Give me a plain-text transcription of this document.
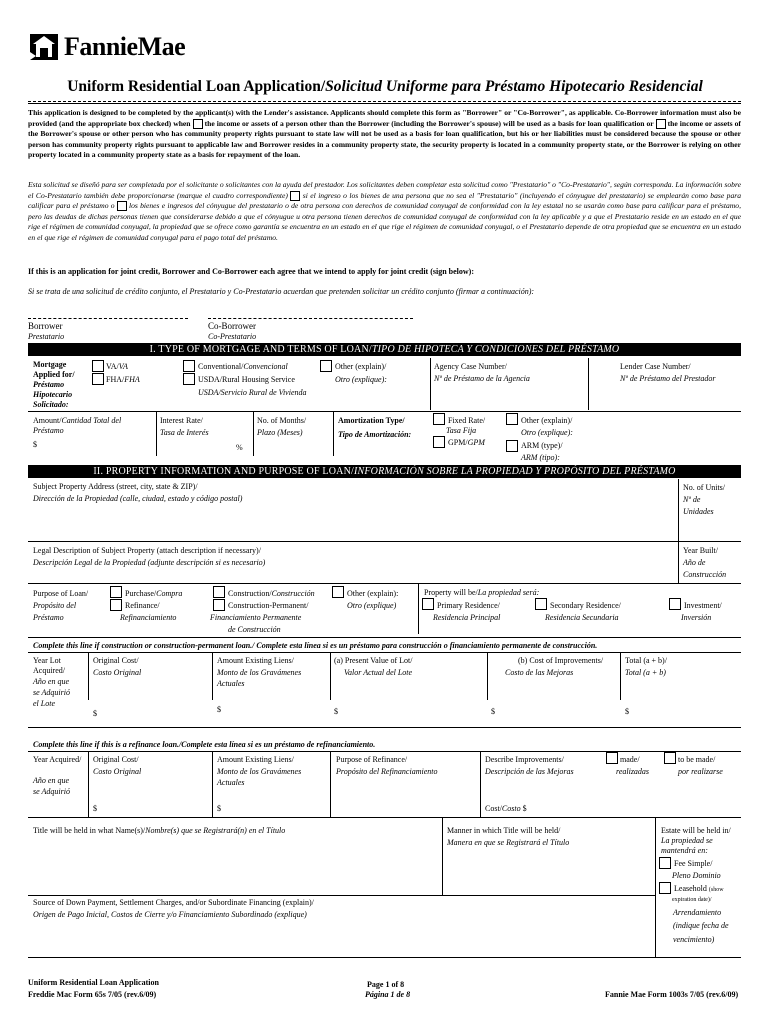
FannieMae
Uniform Residential Loan Application/Solicitud Uniforme para Préstamo Hipotecario Residencial
This application is designed to be completed by the applicant(s) with the Lender's assistance. Applicants should complete this form as "Borrower" or "Co-Borrower", as applicable. Co-Borrower information must also be provided (and the appropriate box checked) when the income or assets of a person other than the Borrower (including the Borrower's spouse) will be used as a basis for loan qualification or the income or assets of the Borrower's spouse or other person who has community property rights pursuant to state law will not be used as a basis for loan qualification, but his or her liabilities must be considered because the spouse or other person has community property rights pursuant to applicable law and Borrower resides in a community property state, the security property is located in a community property state, or the Borrower is relying on other property located in a community property state as a basis for repayment of the loan.
Esta solicitud se diseñó para ser completada por el solicitante o solicitantes con la ayuda del prestador. Los solicitantes deben completar esta solicitud como "Prestatario" o "Co-Prestatario", según corresponda. La información sobre el Co-Prestatario también debe proporcionarse (marque el cuadro correspondiente) si el ingreso o los bienes de una persona que no sea el "Prestatario" (incluyendo el cónyugue del prestatario) se emplearán como base para calificar para el préstamo o los bienes e ingresos del cónyugue del prestatario o de otra persona con derechos de comunidad conyugal de conformidad con la ley estatal no se usarán como base para calificar para el préstamo, pero las deudas de dichas personas tienen que considerarse debido a que el cónyugue u otra persona tienen derechos de comunidad conyugal de conformidad con la ley aplicable y a que el Prestatario reside en un estado en el que rige el régimen de comunidad conyugal, la propiedad que se ofrece como garantía se encuentra en un estado en el que rige el régimen de comunidad conyugal, o el Prestatario depende de otra propiedad que se encuentra en un estado en el que rige el régimen de comunidad conyugal para el pago total del préstamo.
If this is an application for joint credit, Borrower and Co-Borrower each agree that we intend to apply for joint credit (sign below):
Si se trata de una solicitud de crédito conjunto, el Prestatario y Co-Prestatario acuerdan que pretenden solicitar un crédito conjunto (firmar a continuación):
Borrower
Prestatario
Co-Borrower
Co-Prestatario
I. TYPE OF MORTGAGE AND TERMS OF LOAN/TIPO DE HIPOTECA Y CONDICIONES DEL PRÉSTAMO
Mortgage Applied for/
Préstamo Hipotecario Solicitado:
VA/VA
FHA/FHA
Conventional/Convencional
USDA/Rural Housing Service
USDA/Servicio Rural de Vivienda
Other (explain)/
Otro (explique):
Agency Case Number/
Nº de Préstamo de la Agencia
Lender Case Number/
Nº de Préstamo del Prestador
Amount/Cantidad Total del Préstamo
$
Interest Rate/
Tasa de Interés
%
No. of Months/
Plazo (Meses)
Amortization Type/
Tipo de Amortización:
Fixed Rate/
Tasa Fija
GPM/GPM
Other (explain)/
Otro (explique):
ARM (type)/
ARM (tipo):
II. PROPERTY INFORMATION AND PURPOSE OF LOAN/INFORMACIÓN SOBRE LA PROPIEDAD Y PROPÓSITO DEL PRÉSTAMO
Subject Property Address (street, city, state & ZIP)/
Dirección de la Propiedad (calle, ciudad, estado y código postal)
No. of Units/
Nº de
Unidades
Legal Description of Subject Property (attach description if necessary)/
Descripción Legal de la Propiedad (adjunte descripción si es necesario)
Year Built/
Año de
Construcción
Purpose of Loan/
Propósito del
Préstamo
Purchase/Compra
Refinance/
Refinanciamiento
Construction/Construcción
Construction-Permanent/
Financiamiento Permanente
de Construcción
Other (explain):
Otro (explique)
Property will be/La propiedad será:
Primary Residence/
Residencia Principal
Secondary Residence/
Residencia Secundaria
Investment/
Inversión
Complete this line if construction or construction-permanent loan./ Complete esta línea si es un préstamo para construcción o financiamiento permanente de construcción.
Year Lot Acquired/
Año en que
se Adquirió
el Lote
Original Cost/
Costo Original
$
Amount Existing Liens/
Monto de los Gravámenes
Actuales
$
(a) Present Value of Lot/
Valor Actual del Lote
$
(b) Cost of Improvements/
Costo de las Mejoras
$
Total (a + b)/
Total (a + b)
$
Complete this line if this is a refinance loan./Complete esta línea si es un préstamo de refinanciamiento.
Year Acquired/
Año en que
se Adquirió
Original Cost/
Costo Original
$
Amount Existing Liens/
Monto de los Gravámenes
Actuales
$
Purpose of Refinance/
Propósito del Refinanciamiento
Describe Improvements/
Descripción de las Mejoras
made/
realizadas
to be made/
por realizarse
Cost/Costo $
Title will be held in what Name(s)/Nombre(s) que se Registrará(n) en el Título	Manner in which Title will be held/
Manera en que se Registrará el Título
Estate will be held in/
La propiedad se
mantendrá en:
Fee Simple/
Pleno Dominio
Leasehold (show
expiration date)/
Arrendamiento
(indique fecha de
vencimiento)
Source of Down Payment, Settlement Charges, and/or Subordinate Financing (explain)/
Origen de Pago Inicial, Costos de Cierre y/o Financiamiento Subordinado (explique)
Uniform Residential Loan Application
Freddie Mac Form 65s 7/05 (rev.6/09)
Page 1 of 8
Página 1 de 8	Fannie Mae Form 1003s 7/05 (rev.6/09)
